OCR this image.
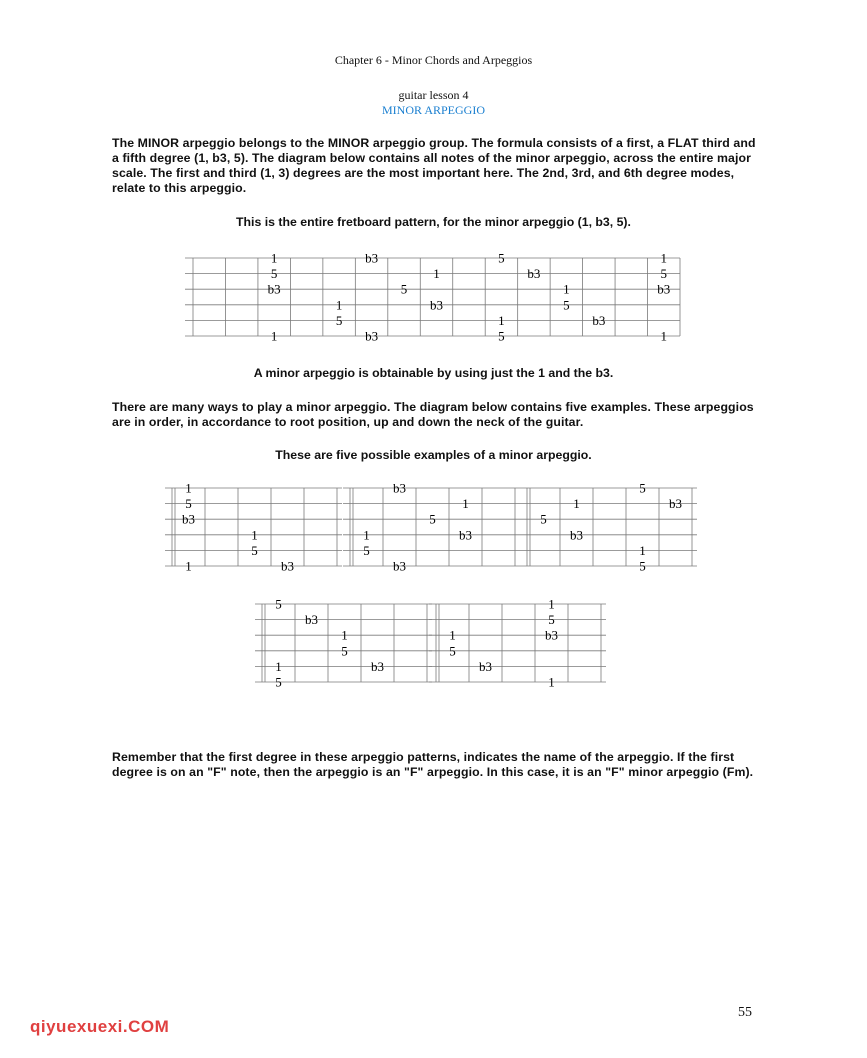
Chapter 6 - Minor Chords and Arpeggios
guitar lesson 4
MINOR ARPEGGIO

The MINOR arpeggio belongs to the MINOR arpeggio group. The formula consists of a first, a FLAT third and a fifth degree (1, b3, 5). The diagram below contains all notes of the minor arpeggio, across the entire major scale. The first and third (1, 3) degrees are the most important here. The 2nd, 3rd, and 6th degree modes, relate to this arpeggio.

This is the entire fretboard pattern, for the minor arpeggio (1, b3, 5).

1
5
b3
1
1
5
b3
b3
5
1
b3
5
1
5
b3
1
5
b3
1
5
b3
1

A minor arpeggio is obtainable by using just the 1 and the b3.

There are many ways to play a minor arpeggio. The diagram below contains five examples. These arpeggios are in order, in accordance to root position, up and down the neck of the guitar.

These are five possible examples of a minor arpeggio.

1
5
b3
1
1
5
b3
b3
b3
1
5
5
1
b3
5
1
b3
5
1
5
b3
5
1
5
b3
1
5
b3
1
5
b3
1
5
b3
1

Remember that the first degree in these arpeggio patterns, indicates the name of the arpeggio. If the first degree is on an "F" note, then the arpeggio is an "F" arpeggio. In this case, it is an "F" minor arpeggio (Fm).

55
qiyuexuexi.COM
